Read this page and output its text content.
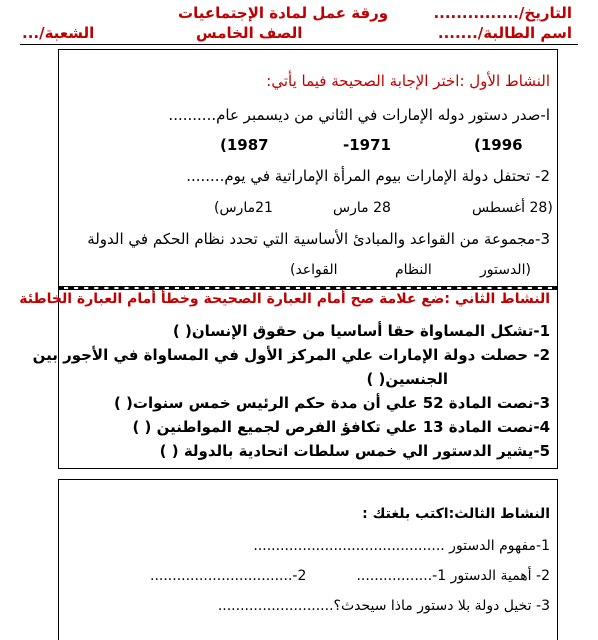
التاريخ/...............
ورقة عمل لمادة الإجتماعيات
اسم الطالبة/.......
الصف الخامس
الشعبة/...
النشاط الأول :اختر الإجابة الصحيحة فيما يأتي:
ا-صدر دستور دوله الإمارات في الثاني من ديسمبر عام..........
(1996
-1971
(1987
2- تحتفل دولة الإمارات بيوم المرأة الإماراتية في يوم........
(28 أغسطس
28 مارس
21مارس)
3-مجموعة من القواعد والمبادئ الأساسية التي تحدد نظام الحكم في الدولة
(الدستور
النظام
القواعد)
النشاط الثاني :ضع علامة صح أمام العبارة الصحيحة وخطأ أمام العبارة الخاطئة
1-تشكل المساواة حقا أساسيا من حقوق الإنسان( )
2- حصلت دولة الإمارات علي المركز الأول في المساواة في الأجور بين
الجنسين( )
3-نصت المادة 52 علي أن مدة حكم الرئيس خمس سنوات( )
4-نصت المادة 13 علي تكافؤ الفرص لجميع المواطنين ( )
5-يشير الدستور الي خمس سلطات اتحادية بالدولة ( )
النشاط الثالث:اكتب بلغتك :
1-مفهوم الدستور ...........................................
2- أهمية الدستور 1-.................
2-................................
3- تخيل دولة بلا دستور ماذا سيحدث؟..........................
